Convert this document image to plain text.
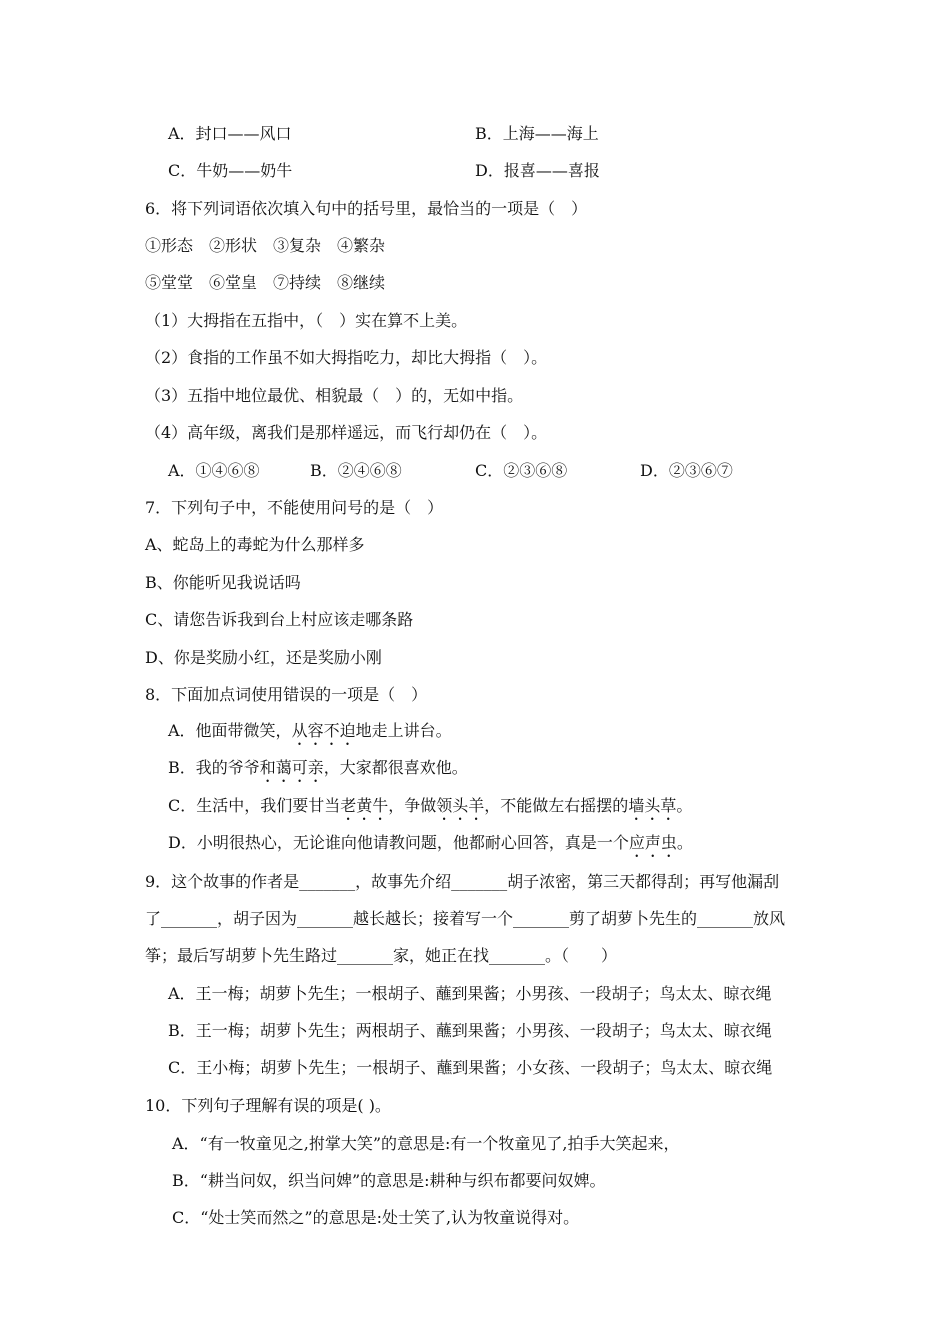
A．封口——风口	B．上海——海上
C．牛奶——奶牛	D．报喜——喜报
6．将下列词语依次填入句中的括号里，最恰当的一项是（　）
①形态　②形状　③复杂　④繁杂
⑤堂堂　⑥堂皇　⑦持续　⑧继续
（1）大拇指在五指中，（　）实在算不上美。
（2）食指的工作虽不如大拇指吃力，却比大拇指（　）。
（3）五指中地位最优、相貌最（　）的，无如中指。
（4）高年级，离我们是那样遥远，而飞行却仍在（　）。
A．①④⑥⑧	B．②④⑥⑧	C．②③⑥⑧	D．②③⑥⑦
7．下列句子中，不能使用问号的是（　）
A、蛇岛上的毒蛇为什么那样多
B、你能听见我说话吗
C、请您告诉我到台上村应该走哪条路
D、你是奖励小红，还是奖励小刚
8．下面加点词使用错误的一项是（　）
A．他面带微笑，从容不迫地走上讲台。
B．我的爷爷和蔼可亲，大家都很喜欢他。
C．生活中，我们要甘当老黄牛，争做领头羊，不能做左右摇摆的墙头草。
D．小明很热心，无论谁向他请教问题，他都耐心回答，真是一个应声虫。
9．这个故事的作者是_______，故事先介绍_______胡子浓密，第三天都得刮；再写他漏刮
了_______，胡子因为_______越长越长；接着写一个_______剪了胡萝卜先生的_______放风
筝；最后写胡萝卜先生路过_______家，她正在找_______。（　　）
A．王一梅；胡萝卜先生；一根胡子、蘸到果酱；小男孩、一段胡子；鸟太太、晾衣绳
B．王一梅；胡萝卜先生；两根胡子、蘸到果酱；小男孩、一段胡子；鸟太太、晾衣绳
C．王小梅；胡萝卜先生；一根胡子、蘸到果酱；小女孩、一段胡子；鸟太太、晾衣绳
10．下列句子理解有误的项是( )。
A．“有一牧童见之,拊掌大笑”的意思是:有一个牧童见了,拍手大笑起来，
B．“耕当问奴，织当问婢”的意思是:耕种与织布都要问奴婢。
C．“处士笑而然之”的意思是:处士笑了,认为牧童说得对。
